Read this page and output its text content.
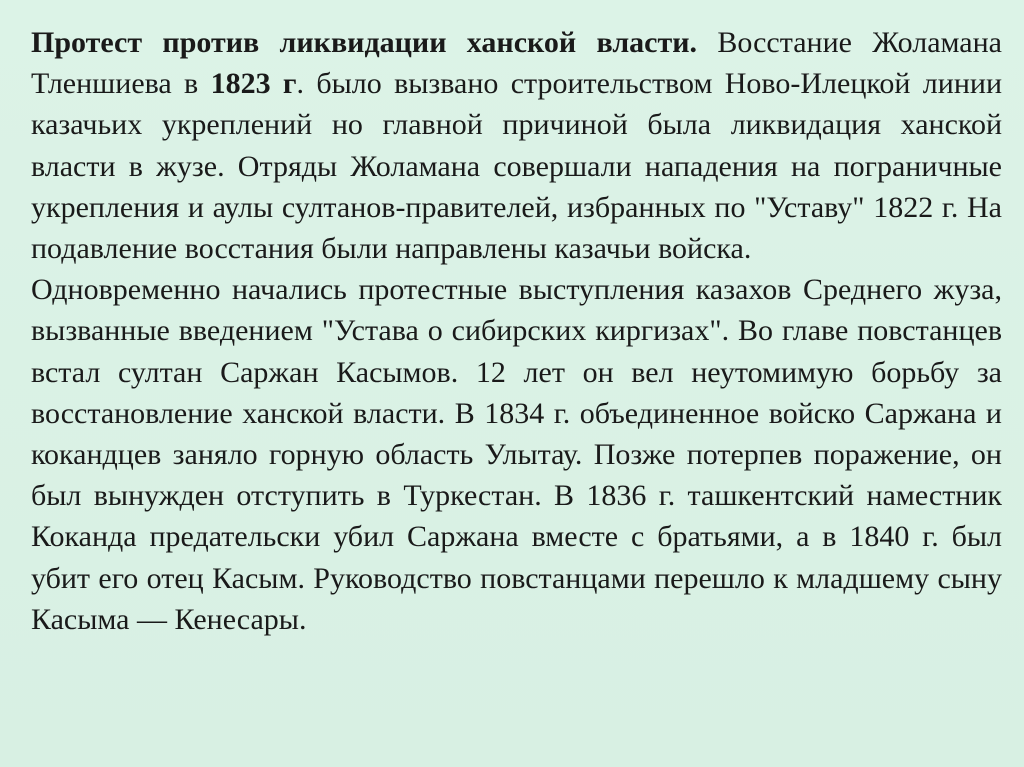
Протест против ликвидации ханской власти. Восстание Жоламана Тленшиева в 1823 г. было вызвано строительством Ново-Илецкой линии казачьих укреплений но главной причиной была ликвидация ханской власти в жузе. Отряды Жоламана совершали нападения на пограничные укрепления и аулы султанов-правителей, избранных по "Уставу" 1822 г. На подавление восстания были направлены казачьи войска.

Одновременно начались протестные выступления казахов Среднего жуза, вызванные введением "Устава о сибирских киргизах". Во главе повстанцев встал султан Саржан Касымов. 12 лет он вел неутомимую борьбу за восстановление ханской власти. В 1834 г. объединенное войско Саржана и кокандцев заняло горную область Улытау. Позже потерпев поражение, он был вынужден отступить в Туркестан. В 1836 г. ташкентский наместник Коканда предательски убил Саржана вместе с братьями, а в 1840 г. был убит его отец Касым. Руководство повстанцами перешло к младшему сыну Касыма — Кенесары.
